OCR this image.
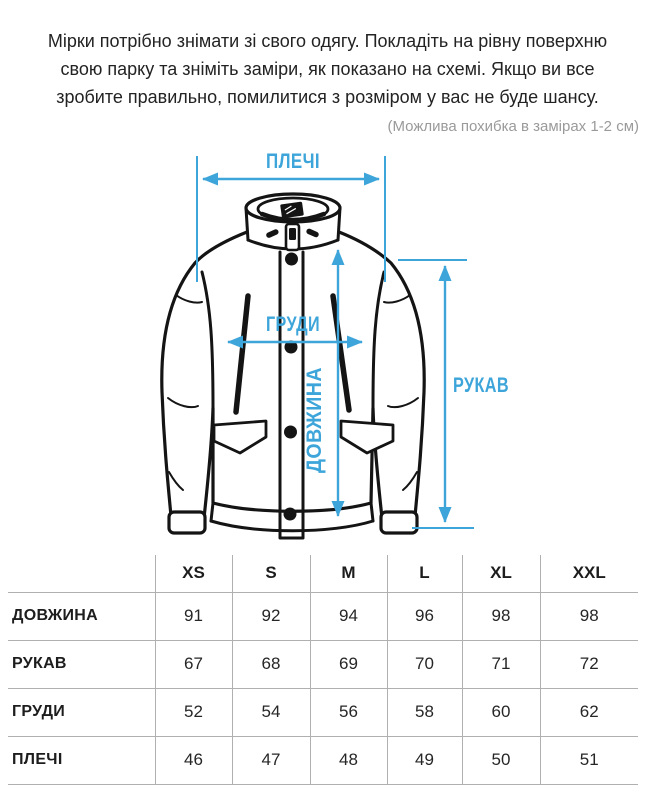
Мірки потрібно знімати зі свого одягу. Покладіть на рівну поверхню свою парку та зніміть заміри, як показано на схемі. Якщо ви все зробите правильно, помилитися з розміром у вас не буде шансу.

(Можлива похибка в замірах 1-2 см)

ПЛЕЧІ
ГРУДИ
ДОВЖИНА	РУКАВ
	XS	S	M	L	XL	XXL
ДОВЖИНА	91	92	94	96	98	98
РУКАВ	67	68	69	70	71	72
ГРУДИ	52	54	56	58	60	62
ПЛЕЧІ	46	47	48	49	50	51
